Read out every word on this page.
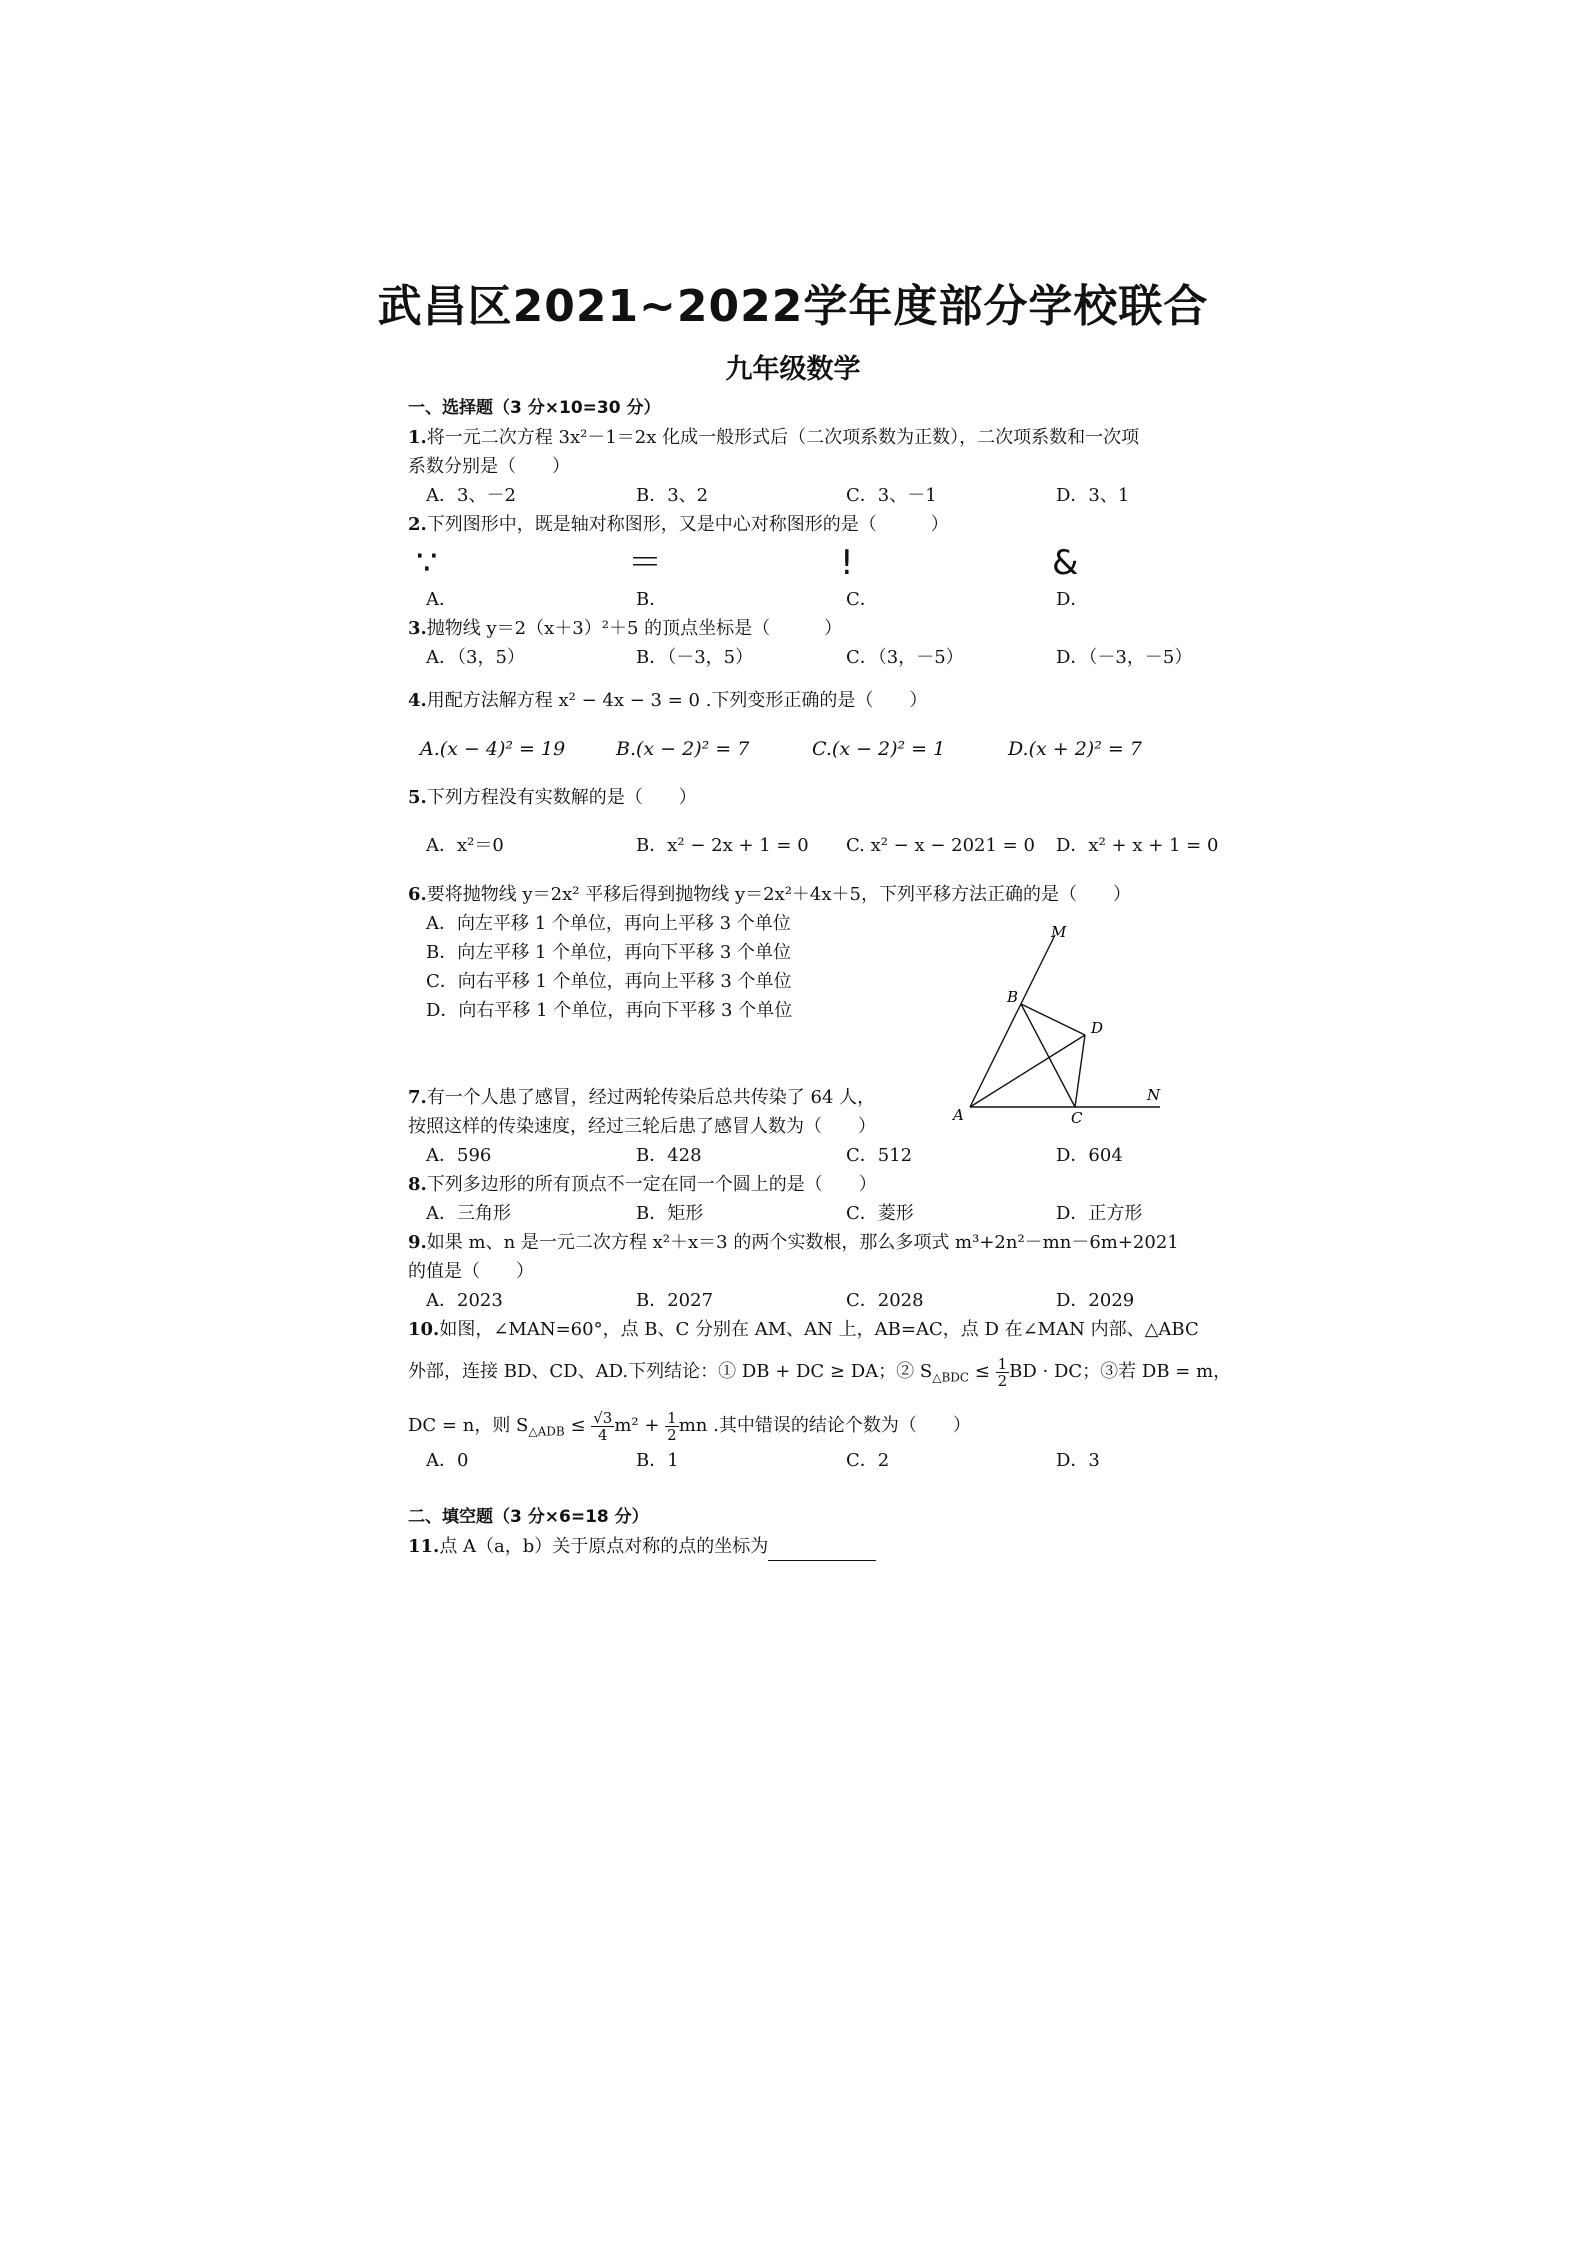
武昌区2021~2022学年度部分学校联合
九年级数学
一、选择题（3 分×10=30 分）
1.将一元二次方程 3x²－1＝2x 化成一般形式后（二次项系数为正数），二次项系数和一次项
系数分别是（　　）
A．3、－2	B．3、2	C．3、－1	D．3、1
2.下列图形中，既是轴对称图形，又是中心对称图形的是（　　　）
∵	＝	!	&
A．	B．	C．	D．
3.抛物线 y＝2（x＋3）²＋5 的顶点坐标是（　　　）
A．（3，5）	B．（－3，5）	C．（3，－5）	D．（－3，－5）
4.用配方法解方程 x² − 4x − 3 = 0 .下列变形正确的是（　　）
A.(x − 4)² = 19	B.(x − 2)² = 7	C.(x − 2)² = 1	D.(x + 2)² = 7
5.下列方程没有实数解的是（　　）
A．x²＝0	B．x² − 2x + 1 = 0	C. x² − x − 2021 = 0	D．x² + x + 1 = 0
6.要将抛物线 y＝2x² 平移后得到抛物线 y＝2x²＋4x＋5，下列平移方法正确的是（　　）
A．向左平移 1 个单位，再向上平移 3 个单位
B．向左平移 1 个单位，再向下平移 3 个单位
C．向右平移 1 个单位，再向上平移 3 个单位
D．向右平移 1 个单位，再向下平移 3 个单位
7.有一个人患了感冒，经过两轮传染后总共传染了 64 人，
按照这样的传染速度，经过三轮后患了感冒人数为（　　）
A．596	B．428	C．512	D．604
8.下列多边形的所有顶点不一定在同一个圆上的是（　　）
A．三角形	B．矩形	C．菱形	D．正方形
9.如果 m、n 是一元二次方程 x²＋x＝3 的两个实数根，那么多项式 m³+2n²－mn－6m+2021
的值是（　　）
A．2023	B．2027	C．2028	D．2029
10.如图，∠MAN=60°，点 B、C 分别在 AM、AN 上，AB=AC，点 D 在∠MAN 内部、△ABC
外部，连接 BD、CD、AD.下列结论：① DB + DC ≥ DA；② $S_{\triangle BDC} \le \frac{1}{2}$ BD · DC；③若 DB = m，
DC = n，则 $S_{\triangle ADB} \le \frac{√3}{4} m^2 + \frac{1}{2}$ mn .其中错误的结论个数为（　　）
A．0	B．1	C．2	D．3
二、填空题（3 分×6=18 分）
11.点 A（a，b）关于原点对称的点的坐标为
M
B
D
A	C
N
